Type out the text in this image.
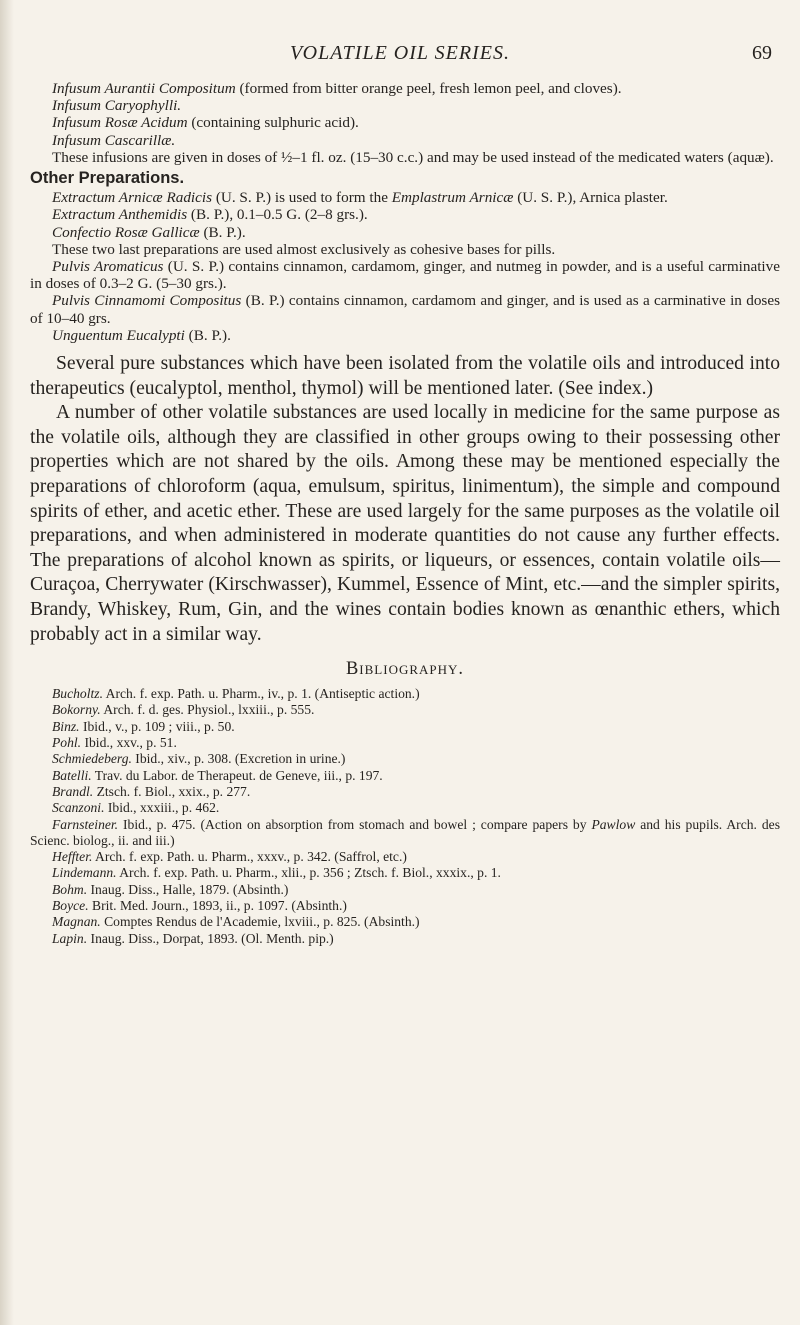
VOLATILE OIL SERIES.	69

Infusum Aurantii Compositum (formed from bitter orange peel, fresh lemon peel, and cloves).

Infusum Caryophylli.

Infusum Rosæ Acidum (containing sulphuric acid).

Infusum Cascarillæ.

These infusions are given in doses of ½–1 fl. oz. (15–30 c.c.) and may be used instead of the medicated waters (aquæ).

Other Preparations.

Extractum Arnicæ Radicis (U. S. P.) is used to form the Emplastrum Arnicæ (U. S. P.), Arnica plaster.

Extractum Anthemidis (B. P.), 0.1–0.5 G. (2–8 grs.).

Confectio Rosæ Gallicæ (B. P.).

These two last preparations are used almost exclusively as cohesive bases for pills.

Pulvis Aromaticus (U. S. P.) contains cinnamon, cardamom, ginger, and nutmeg in powder, and is a useful carminative in doses of 0.3–2 G. (5–30 grs.).

Pulvis Cinnamomi Compositus (B. P.) contains cinnamon, cardamom and ginger, and is used as a carminative in doses of 10–40 grs.

Unguentum Eucalypti (B. P.).

Several pure substances which have been isolated from the volatile oils and introduced into therapeutics (eucalyptol, menthol, thymol) will be mentioned later. (See index.)

A number of other volatile substances are used locally in medicine for the same purpose as the volatile oils, although they are classified in other groups owing to their possessing other properties which are not shared by the oils. Among these may be mentioned especially the preparations of chloroform (aqua, emulsum, spiritus, linimentum), the simple and compound spirits of ether, and acetic ether. These are used largely for the same purposes as the volatile oil preparations, and when administered in moderate quantities do not cause any further effects. The preparations of alcohol known as spirits, or liqueurs, or essences, contain volatile oils—Curaçoa, Cherrywater (Kirschwasser), Kummel, Essence of Mint, etc.—and the simpler spirits, Brandy, Whiskey, Rum, Gin, and the wines contain bodies known as œnanthic ethers, which probably act in a similar way.

Bibliography.

Bucholtz. Arch. f. exp. Path. u. Pharm., iv., p. 1. (Antiseptic action.)

Bokorny. Arch. f. d. ges. Physiol., lxxiii., p. 555.

Binz. Ibid., v., p. 109 ; viii., p. 50.

Pohl. Ibid., xxv., p. 51.

Schmiedeberg. Ibid., xiv., p. 308. (Excretion in urine.)

Batelli. Trav. du Labor. de Therapeut. de Geneve, iii., p. 197.

Brandl. Ztsch. f. Biol., xxix., p. 277.

Scanzoni. Ibid., xxxiii., p. 462.

Farnsteiner. Ibid., p. 475. (Action on absorption from stomach and bowel ; compare papers by Pawlow and his pupils. Arch. des Scienc. biolog., ii. and iii.)

Heffter. Arch. f. exp. Path. u. Pharm., xxxv., p. 342. (Saffrol, etc.)

Lindemann. Arch. f. exp. Path. u. Pharm., xlii., p. 356 ; Ztsch. f. Biol., xxxix., p. 1.

Bohm. Inaug. Diss., Halle, 1879. (Absinth.)

Boyce. Brit. Med. Journ., 1893, ii., p. 1097. (Absinth.)

Magnan. Comptes Rendus de l'Academie, lxviii., p. 825. (Absinth.)

Lapin. Inaug. Diss., Dorpat, 1893. (Ol. Menth. pip.)
